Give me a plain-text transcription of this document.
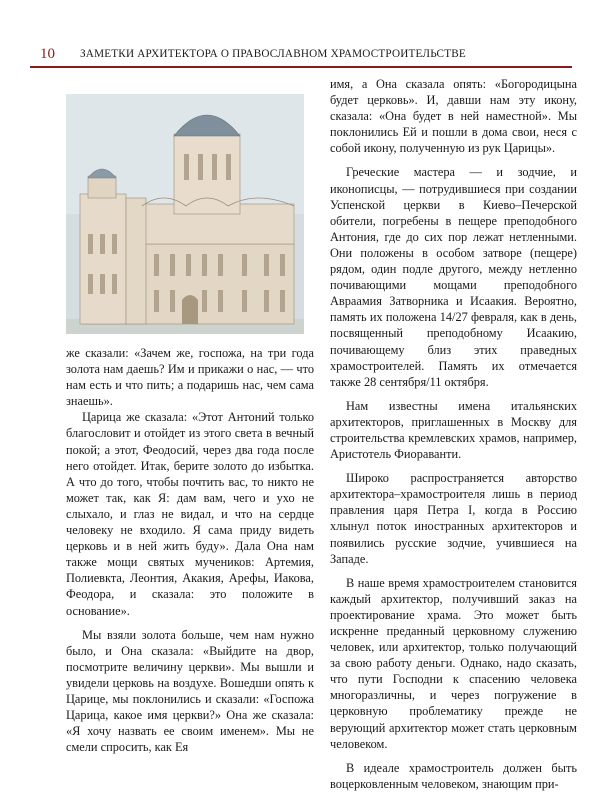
10 ЗАМЕТКИ АРХИТЕКТОРА О ПРАВОСЛАВНОМ ХРАМОСТРОИТЕЛЬСТВЕ

же сказали: «Зачем же, госпожа, на три года золота нам даешь? Им и прикажи о нас, — что нам есть и что пить; а подаришь нас, чем сама знаешь».

Царица же сказала: «Этот Антоний только благословит и отойдет из этого света в вечный покой; а этот, Феодосий, через два года после него отойдет. Итак, берите золото до избытка. А что до того, чтобы почтить вас, то никто не может так, как Я: дам вам, чего и ухо не слыхало, и глаз не видал, и что на сердце человеку не входило. Я сама приду видеть церковь и в ней жить буду». Дала Она нам также мощи святых мучеников: Артемия, Полиевкта, Леонтия, Акакия, Арефы, Иакова, Феодора, и сказала: это положите в основание».

Мы взяли золота больше, чем нам нужно было, и Она сказала: «Выйдите на двор, посмотрите величину церкви». Мы вышли и увидели церковь на воздухе. Вошедши опять к Царице, мы поклонились и сказали: «Госпожа Царица, какое имя церкви?» Она же сказала: «Я хочу назвать ее своим именем». Мы не смели спросить, как Ея

имя, а Она сказала опять: «Богородицына будет церковь». И, давши нам эту икону, сказала: «Она будет в ней наместной». Мы поклонились Ей и пошли в дома свои, неся с собой икону, полученную из рук Царицы».

Греческие мастера — и зодчие, и иконописцы, — потрудившиеся при создании Успенской церкви в Киево–Печерской обители, погребены в пещере преподобного Антония, где до сих пор лежат нетленными. Они положены в особом затворе (пещере) рядом, один подле другого, между нетленно почивающими мощами преподобного Авраамия Затворника и Исаакия. Вероятно, память их положена 14/27 февраля, как в день, посвященный преподобному Исаакию, почивающему близ этих праведных храмостроителей. Память их отмечается также 28 сентября/11 октября.

Нам известны имена итальянских архитекторов, приглашенных в Москву для строительства кремлевских храмов, например, Аристотель Фиораванти.

Широко распространяется авторство архитектора–храмостроителя лишь в период правления царя Петра I, когда в Россию хлынул поток иностранных архитекторов и появились русские зодчие, учившиеся на Западе.

В наше время храмостроителем становится каждый архитектор, получивший заказ на проектирование храма. Это может быть искренне преданный церковному служению человек, или архитектор, только получающий за свою работу деньги. Однако, надо сказать, что пути Господни к спасению человека многоразличны, и через погружение в церковную проблематику прежде не верующий архитектор может стать церковным человеком.

В идеале храмостроитель должен быть воцерковленным человеком, знающим при-
